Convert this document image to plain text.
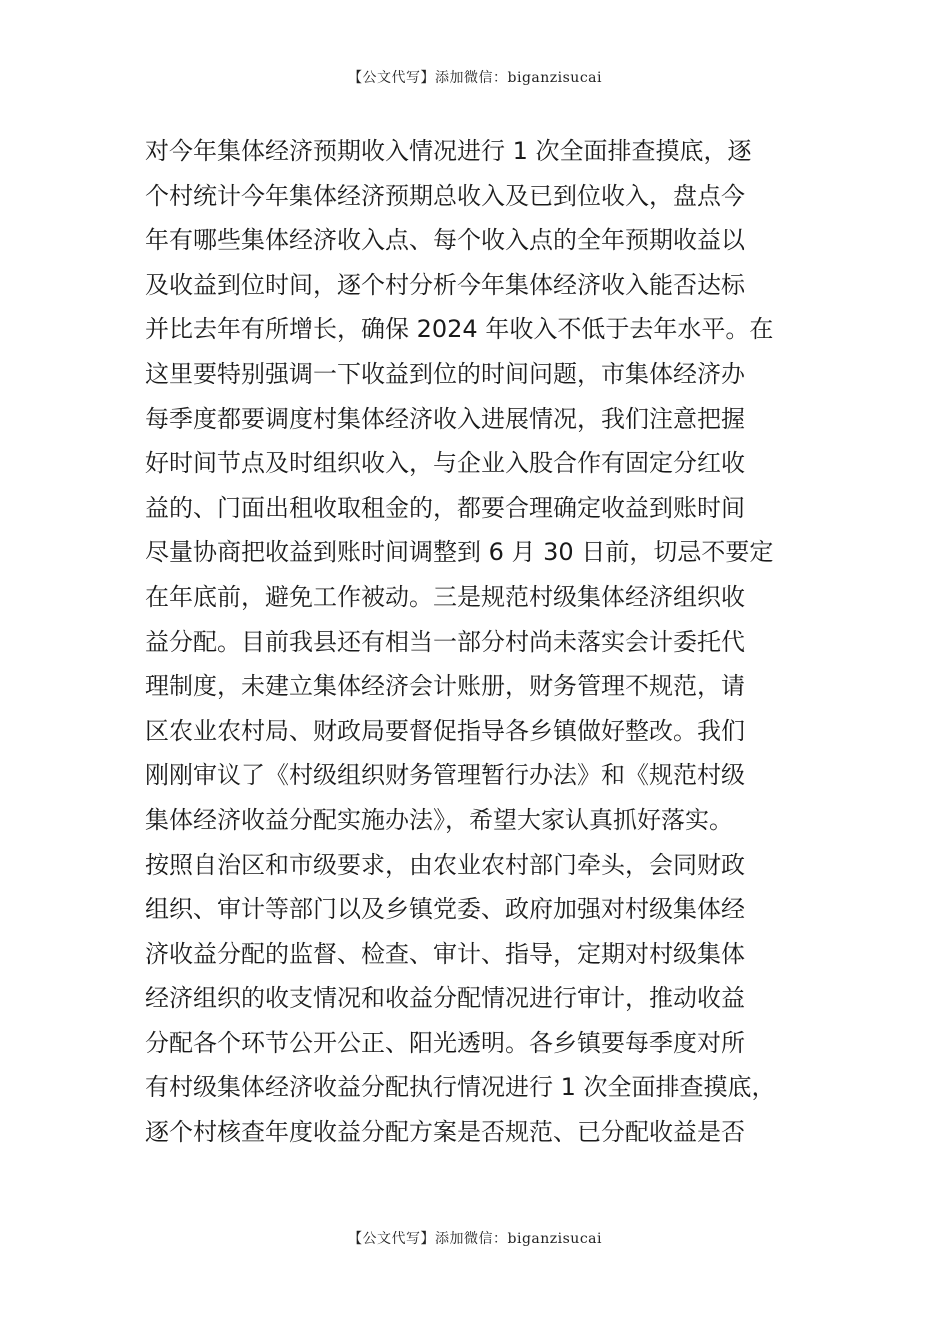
【公文代写】添加微信：biganzisucai
对今年集体经济预期收入情况进行 1 次全面排查摸底，逐
个村统计今年集体经济预期总收入及已到位收入，盘点今
年有哪些集体经济收入点、每个收入点的全年预期收益以
及收益到位时间，逐个村分析今年集体经济收入能否达标
并比去年有所增长，确保 2024 年收入不低于去年水平。在
这里要特别强调一下收益到位的时间问题，市集体经济办
每季度都要调度村集体经济收入进展情况，我们注意把握
好时间节点及时组织收入，与企业入股合作有固定分红收
益的、门面出租收取租金的，都要合理确定收益到账时间
尽量协商把收益到账时间调整到 6 月 30 日前，切忌不要定
在年底前，避免工作被动。三是规范村级集体经济组织收
益分配。目前我县还有相当一部分村尚未落实会计委托代
理制度，未建立集体经济会计账册，财务管理不规范，请
区农业农村局、财政局要督促指导各乡镇做好整改。我们
刚刚审议了《村级组织财务管理暂行办法》和《规范村级
集体经济收益分配实施办法》，希望大家认真抓好落实。
按照自治区和市级要求，由农业农村部门牵头，会同财政
组织、审计等部门以及乡镇党委、政府加强对村级集体经
济收益分配的监督、检查、审计、指导，定期对村级集体
经济组织的收支情况和收益分配情况进行审计，推动收益
分配各个环节公开公正、阳光透明。各乡镇要每季度对所
有村级集体经济收益分配执行情况进行 1 次全面排查摸底，
逐个村核查年度收益分配方案是否规范、已分配收益是否
【公文代写】添加微信：biganzisucai
